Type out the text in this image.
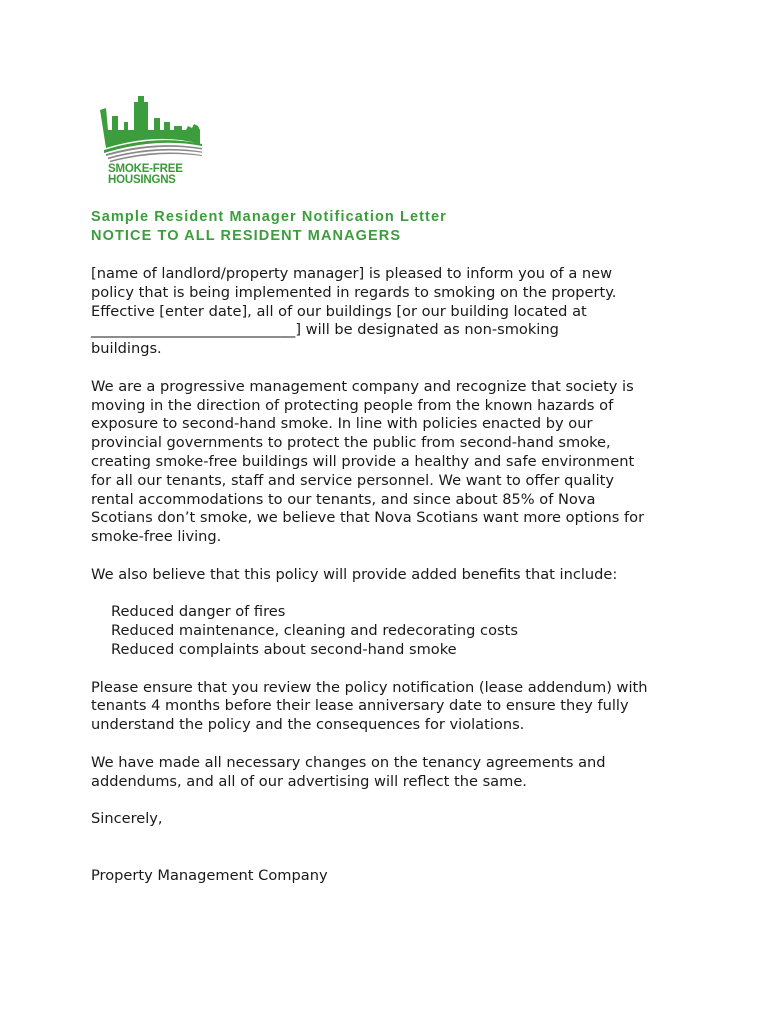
SMOKE-FREE
HOUSINGNS
Sample Resident Manager Notification Letter
NOTICE TO ALL RESIDENT MANAGERS

[name of landlord/property manager] is pleased to inform you of a new
policy that is being implemented in regards to smoking on the property.
Effective [enter date], all of our buildings [or our building located at
____________________________] will be designated as non-smoking
buildings.

We are a progressive management company and recognize that society is
moving in the direction of protecting people from the known hazards of
exposure to second-hand smoke. In line with policies enacted by our
provincial governments to protect the public from second-hand smoke,
creating smoke-free buildings will provide a healthy and safe environment
for all our tenants, staff and service personnel. We want to offer quality
rental accommodations to our tenants, and since about 85% of Nova
Scotians don’t smoke, we believe that Nova Scotians want more options for
smoke-free living.

We also believe that this policy will provide added benefits that include:

Reduced danger of fires
Reduced maintenance, cleaning and redecorating costs
Reduced complaints about second-hand smoke

Please ensure that you review the policy notification (lease addendum) with
tenants 4 months before their lease anniversary date to ensure they fully
understand the policy and the consequences for violations.

We have made all necessary changes on the tenancy agreements and
addendums, and all of our advertising will reflect the same.

Sincerely,

Property Management Company
